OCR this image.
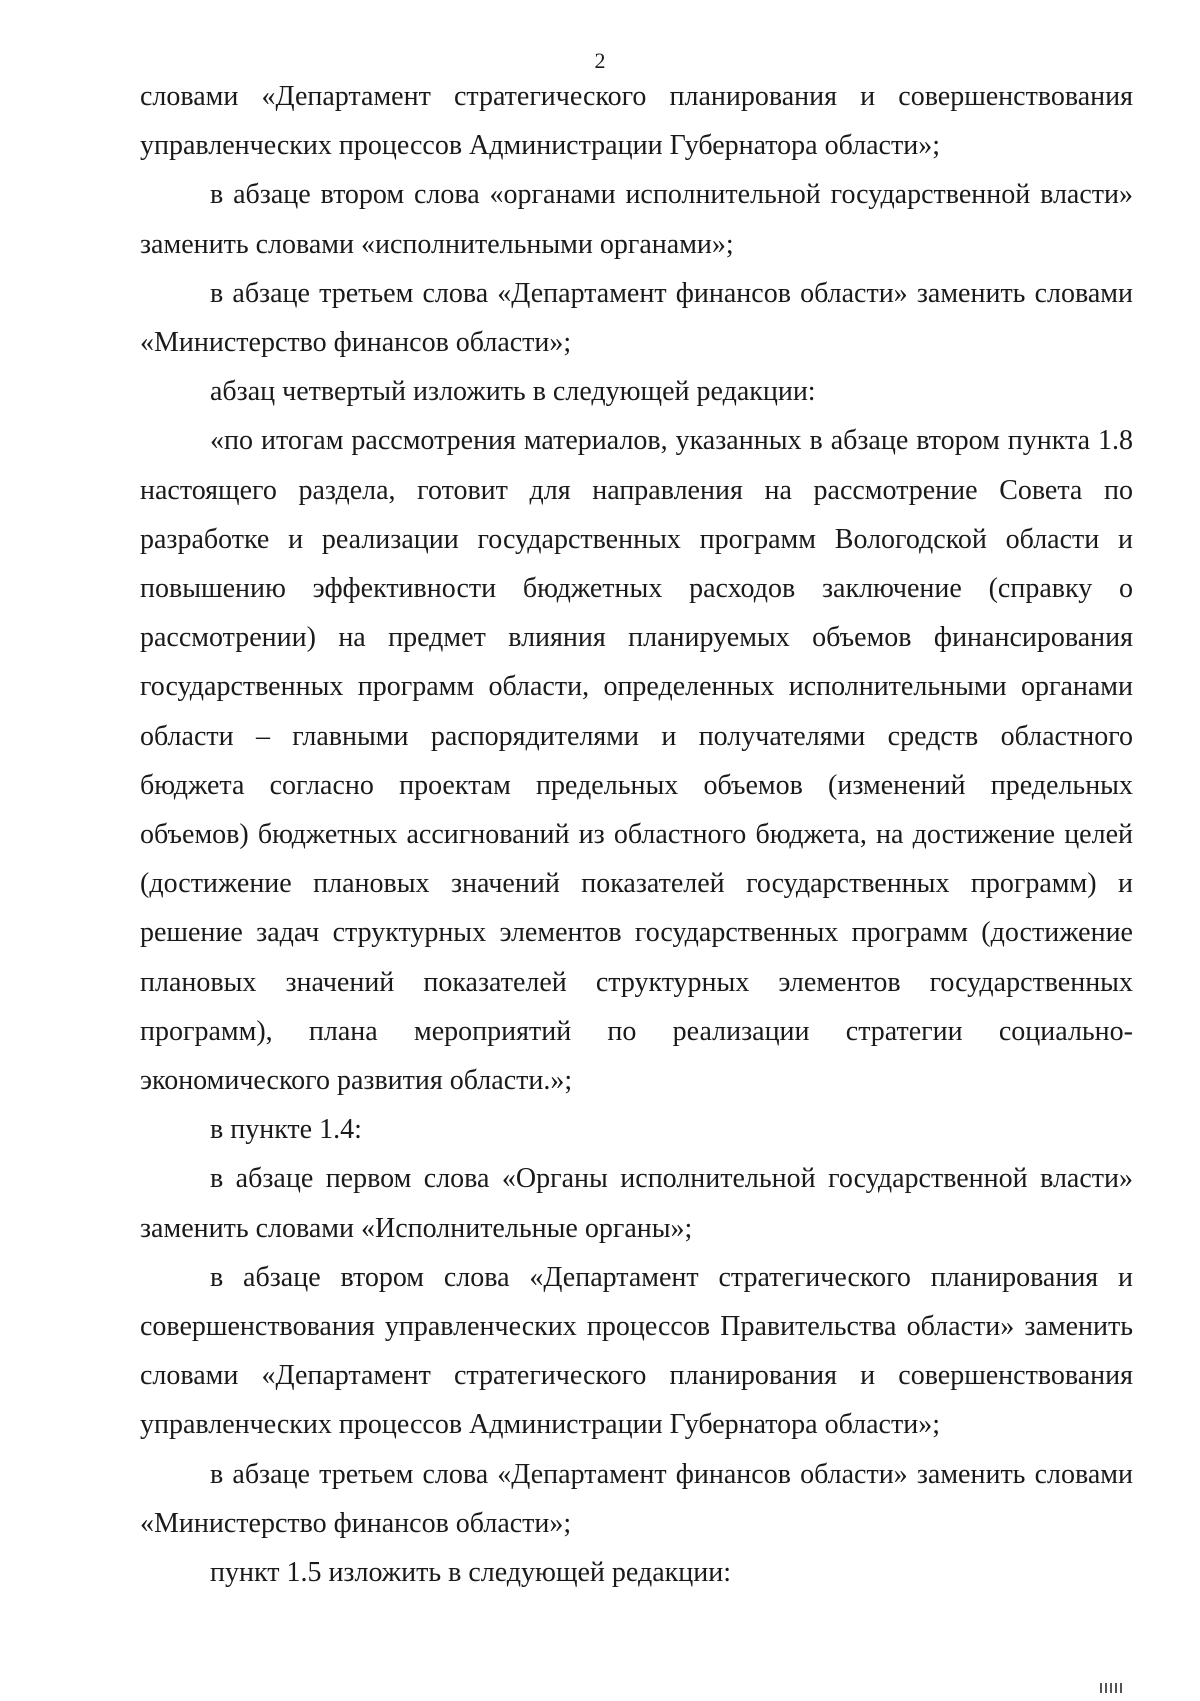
2

словами «Департамент стратегического планирования и совершенствования управленческих процессов Администрации Губернатора области»;

в абзаце втором слова «органами исполнительной государственной власти» заменить словами «исполнительными органами»;

в абзаце третьем слова «Департамент финансов области» заменить словами «Министерство финансов области»;

абзац четвертый изложить в следующей редакции:

«по итогам рассмотрения материалов, указанных в абзаце втором пункта 1.8 настоящего раздела, готовит для направления на рассмотрение Совета по разработке и реализации государственных программ Вологодской области и повышению эффективности бюджетных расходов заключение (справку о рассмотрении) на предмет влияния планируемых объемов финансирования государственных программ области, определенных исполнительными органами области – главными распорядителями и получателями средств областного бюджета согласно проектам предельных объемов (изменений предельных объемов) бюджетных ассигнований из областного бюджета, на достижение целей (достижение плановых значений показателей государственных программ) и решение задач структурных элементов государственных программ (достижение плановых значений показателей структурных элементов государственных программ), плана мероприятий по реализации стратегии социально-экономического развития области.»;

в пункте 1.4:

в абзаце первом слова «Органы исполнительной государственной власти» заменить словами «Исполнительные органы»;

в абзаце втором слова «Департамент стратегического планирования и совершенствования управленческих процессов Правительства области» заменить словами «Департамент стратегического планирования и совершенствования управленческих процессов Администрации Губернатора области»;

в абзаце третьем слова «Департамент финансов области» заменить словами «Министерство финансов области»;

пункт 1.5 изложить в следующей редакции:
